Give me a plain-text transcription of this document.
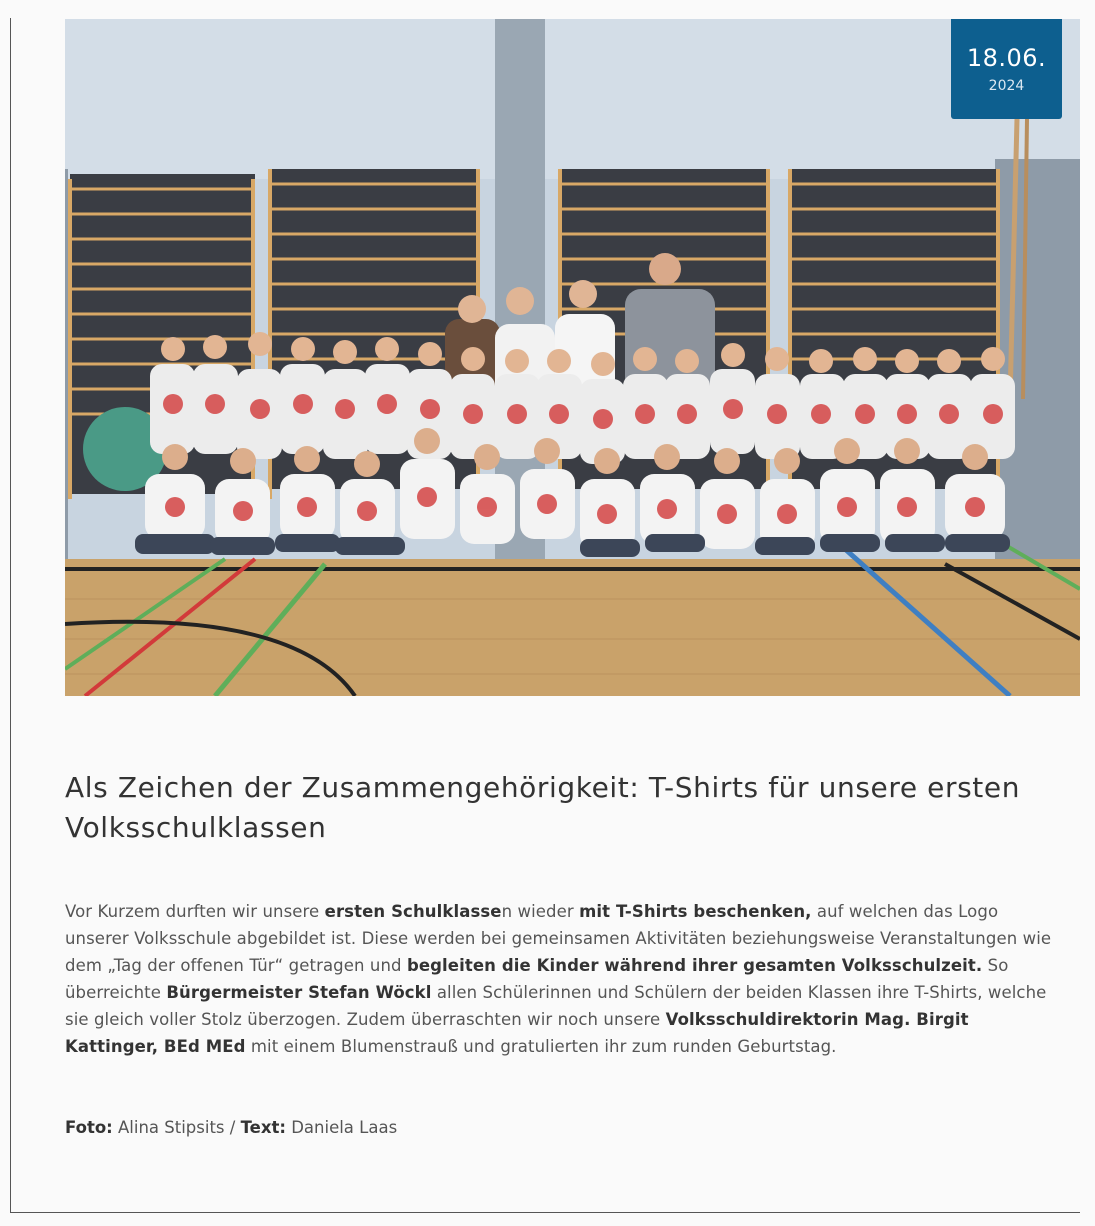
18.06.
2024
Als Zeichen der Zusammengehörigkeit: T-Shirts für unsere ersten Volksschulklassen

Vor Kurzem durften wir unsere ersten Schulklassen wieder mit T-Shirts beschenken, auf welchen das Logo unserer Volksschule abgebildet ist. Diese werden bei gemeinsamen Aktivitäten beziehungsweise Veranstaltungen wie dem „Tag der offenen Tür“ getragen und begleiten die Kinder während ihrer gesamten Volksschulzeit. So überreichte Bürgermeister Stefan Wöckl allen Schülerinnen und Schülern der beiden Klassen ihre T-Shirts, welche sie gleich voller Stolz überzogen. Zudem überraschten wir noch unsere Volksschuldirektorin Mag. Birgit Kattinger, BEd MEd mit einem Blumenstrauß und gratulierten ihr zum runden Geburtstag.

Foto: Alina Stipsits / Text: Daniela Laas
